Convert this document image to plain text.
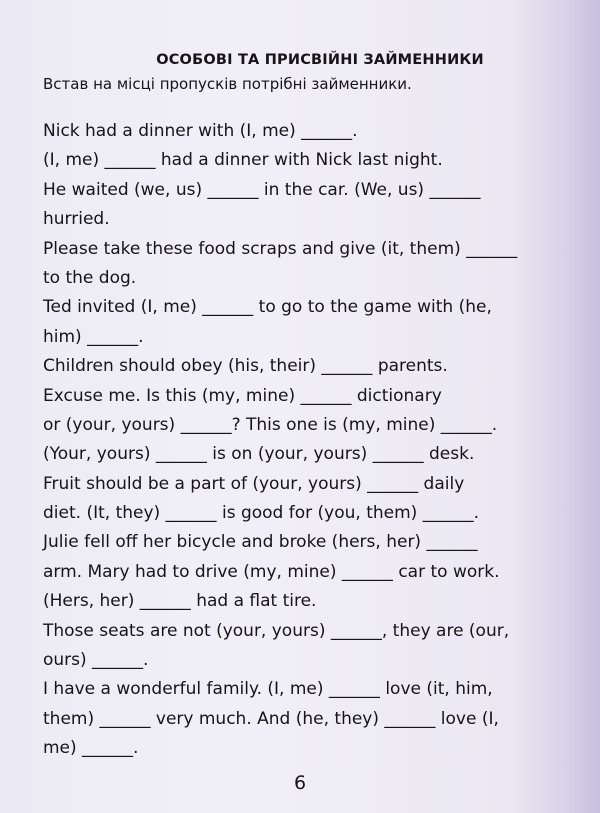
ОСОБОВІ ТА ПРИСВІЙНІ ЗАЙМЕННИКИ
Встав на місці пропусків потрібні займенники.
Nick had a dinner with (I, me) ______.
(I, me) ______ had a dinner with Nick last night.
He waited (we, us) ______ in the car. (We, us) ______
hurried.
Please take these food scraps and give (it, them) ______
to the dog.
Ted invited (I, me) ______ to go to the game with (he,
him) ______.
Children should obey (his, their) ______ parents.
Excuse me. Is this (my, mine) ______ dictionary
or (your, yours) ______? This one is (my, mine) ______.
(Your, yours) ______ is on (your, yours) ______ desk.
Fruit should be a part of (your, yours) ______ daily
diet. (It, they) ______ is good for (you, them) ______.
Julie fell off her bicycle and broke (hers, her) ______
arm. Mary had to drive (my, mine) ______ car to work.
(Hers, her) ______ had a flat tire.
Those seats are not (your, yours) ______, they are (our,
ours) ______.
I have a wonderful family. (I, me) ______ love (it, him,
them) ______ very much. And (he, they) ______ love (I,
me) ______.
6
